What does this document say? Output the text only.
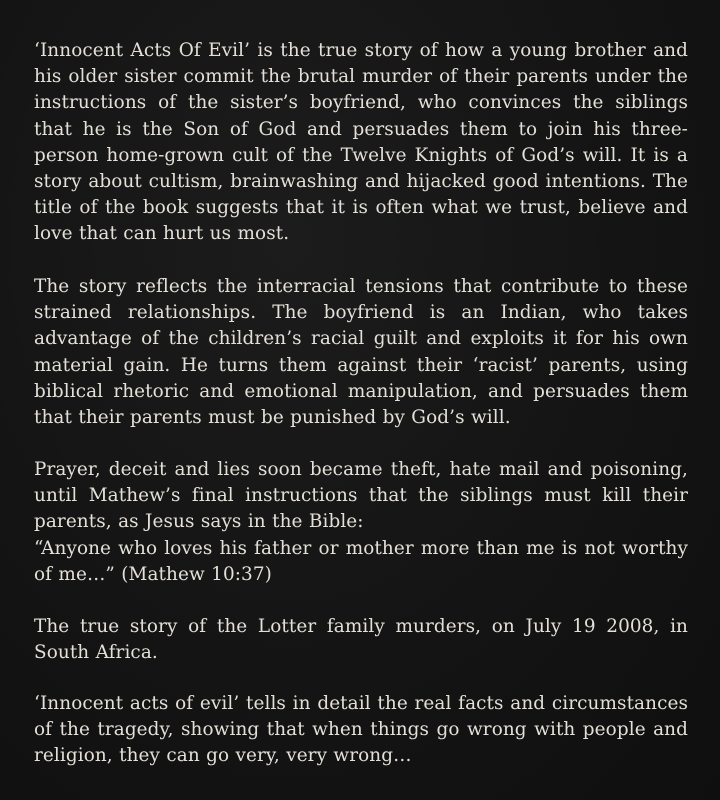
‘Innocent Acts Of Evil’ is the true story of how a young brother and his older sister commit the brutal murder of their parents under the instructions of the sister’s boyfriend, who convinces the siblings that he is the Son of God and persuades them to join his three-person home-grown cult of the Twelve Knights of God’s will. It is a story about cultism, brainwashing and hijacked good intentions. The title of the book suggests that it is often what we trust, believe and love that can hurt us most.

The story reflects the interracial tensions that contribute to these strained relationships. The boyfriend is an Indian, who takes advantage of the children’s racial guilt and exploits it for his own material gain. He turns them against their ‘racist’ parents, using biblical rhetoric and emotional manipulation, and persuades them that their parents must be punished by God’s will.

Prayer, deceit and lies soon became theft, hate mail and poisoning, until Mathew’s final instructions that the siblings must kill their parents, as Jesus says in the Bible:
“Anyone who loves his father or mother more than me is not worthy of me…” (Mathew 10:37)

The true story of the Lotter family murders, on July 19 2008, in South Africa.

‘Innocent acts of evil’ tells in detail the real facts and circumstances of the tragedy, showing that when things go wrong with people and religion, they can go very, very wrong…
